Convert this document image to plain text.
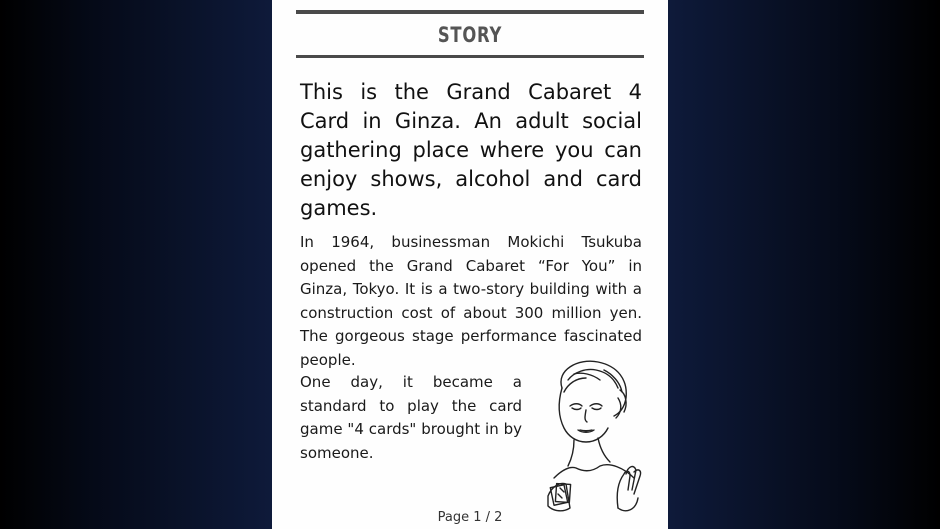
STORY

This is the Grand Cabaret 4 Card in Ginza. An adult social gathering place where you can enjoy shows, alcohol and card games.

In 1964, businessman Mokichi Tsukuba opened the Grand Cabaret “For You” in Ginza, Tokyo. It is a two-story building with a construction cost of about 300 million yen. The gorgeous stage performance fascinated people.

One day, it became a standard to play the card game "4 cards" brought in by someone.

Page 1 / 2
